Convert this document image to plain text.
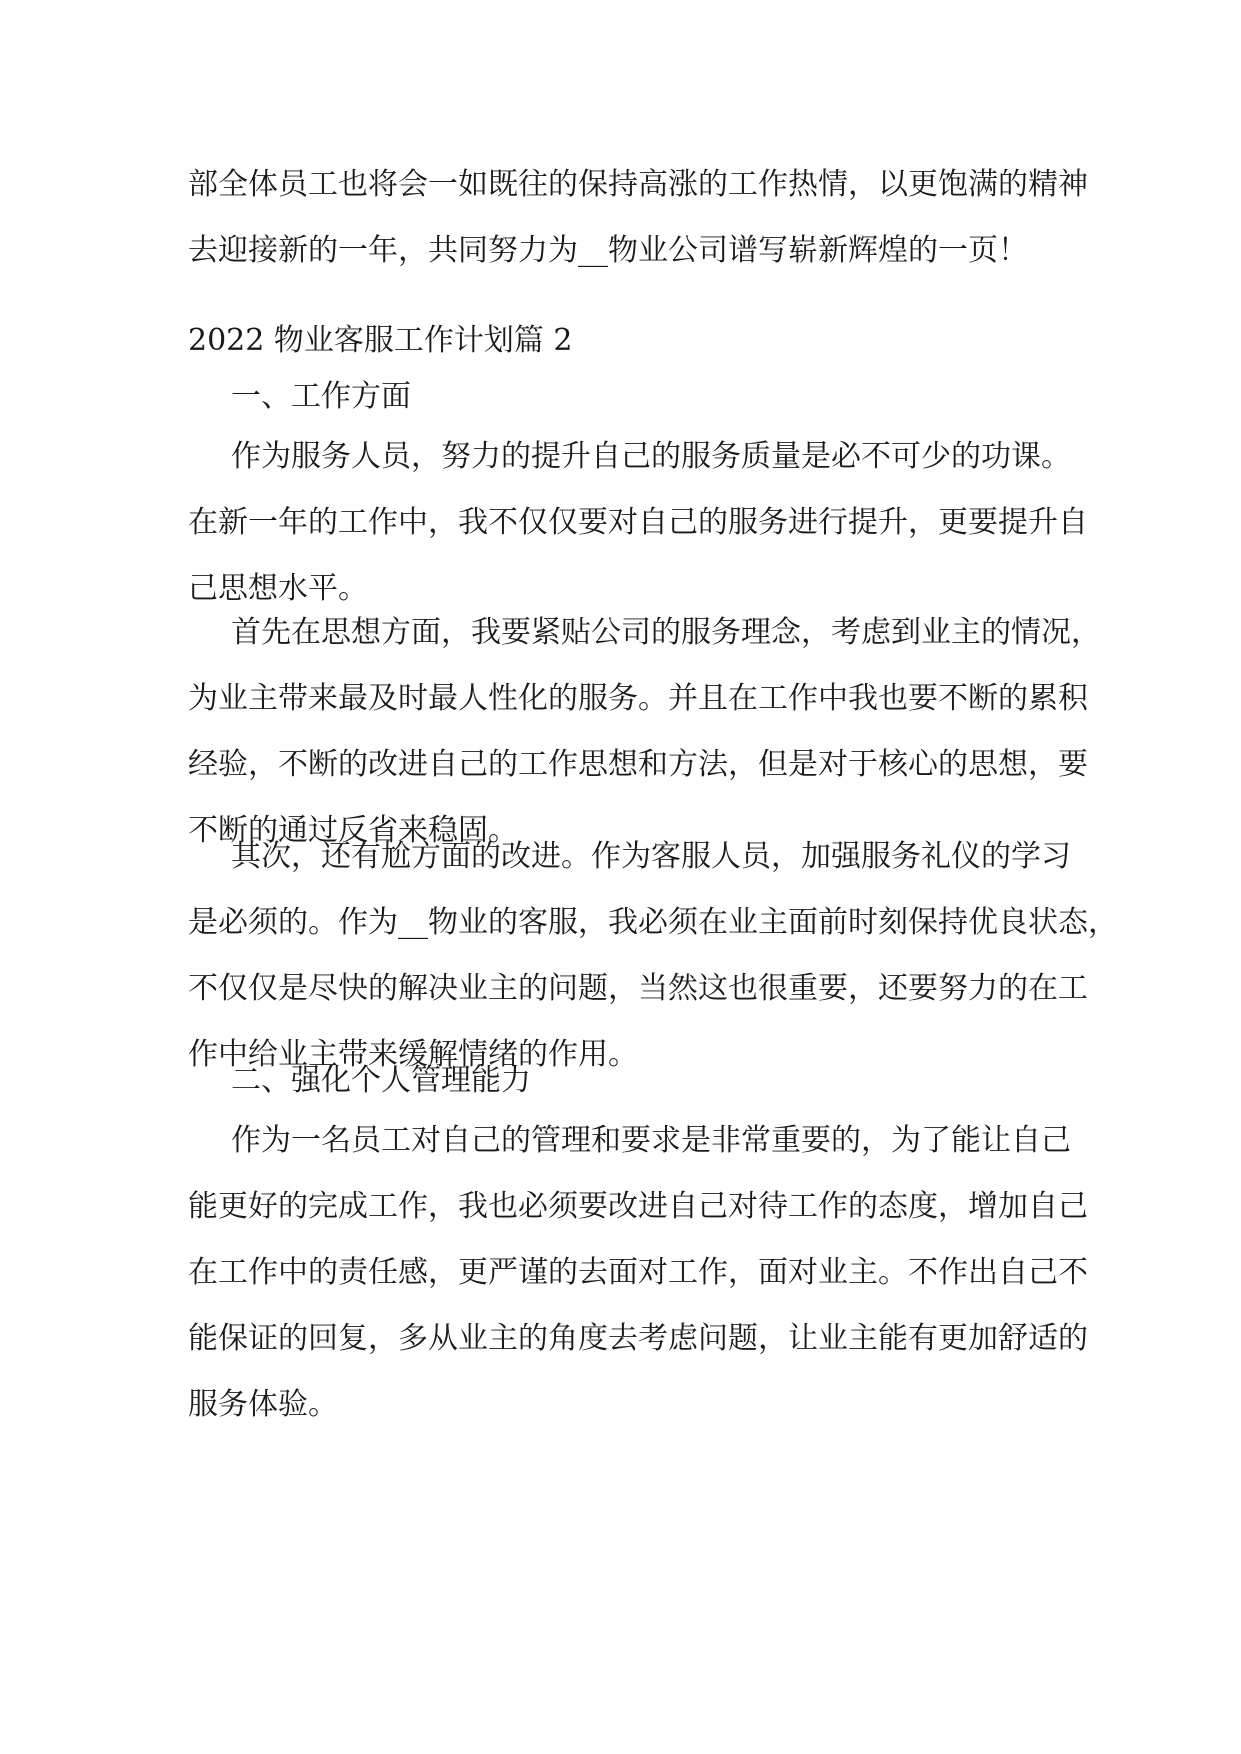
部全体员工也将会一如既往的保持高涨的工作热情，以更饱满的精神
去迎接新的一年，共同努力为__物业公司谱写崭新辉煌的一页！
2022 物业客服工作计划篇 2
一、工作方面
作为服务人员，努力的提升自己的服务质量是必不可少的功课。
在新一年的工作中，我不仅仅要对自己的服务进行提升，更要提升自
己思想水平。
首先在思想方面，我要紧贴公司的服务理念，考虑到业主的情况，
为业主带来最及时最人性化的服务。并且在工作中我也要不断的累积
经验，不断的改进自己的工作思想和方法，但是对于核心的思想，要
不断的通过反省来稳固。
其次，还有尬方面的改进。作为客服人员，加强服务礼仪的学习
是必须的。作为__物业的客服，我必须在业主面前时刻保持优良状态，
不仅仅是尽快的解决业主的问题，当然这也很重要，还要努力的在工
作中给业主带来缓解情绪的作用。
二、强化个人管理能力
作为一名员工对自己的管理和要求是非常重要的，为了能让自己
能更好的完成工作，我也必须要改进自己对待工作的态度，增加自己
在工作中的责任感，更严谨的去面对工作，面对业主。不作出自己不
能保证的回复，多从业主的角度去考虑问题，让业主能有更加舒适的
服务体验。
